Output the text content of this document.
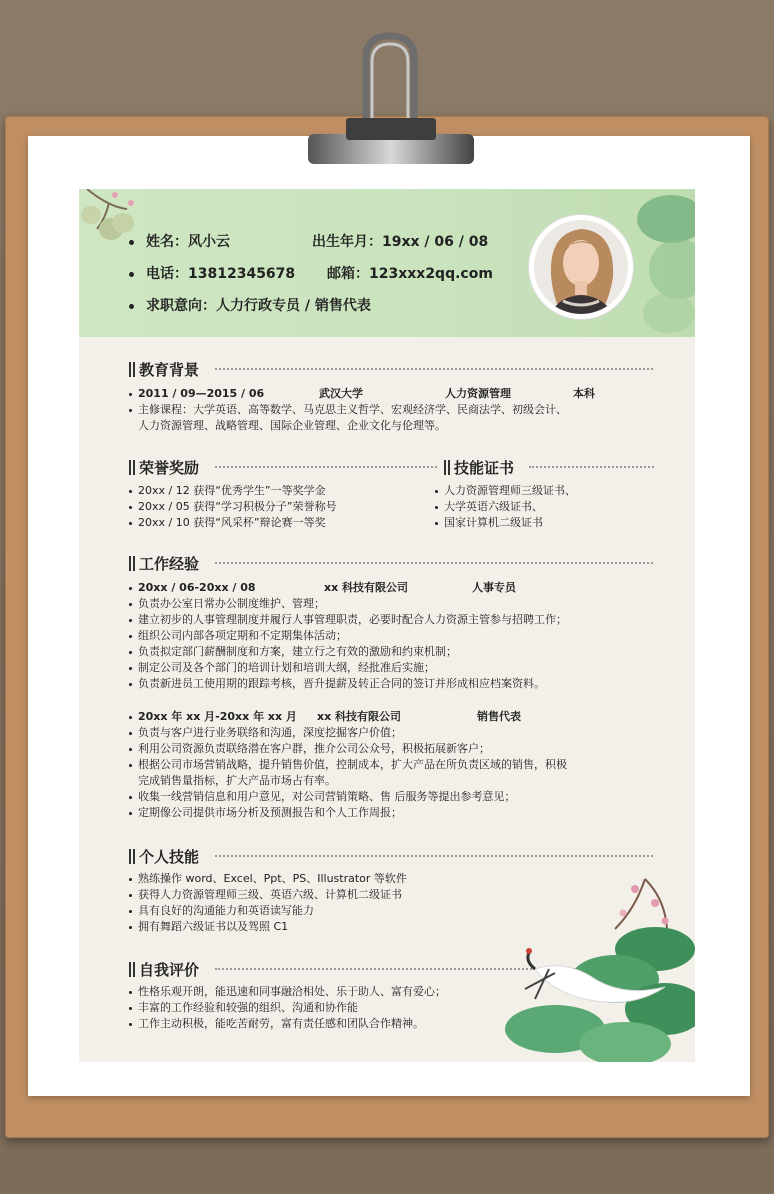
姓名：风小云	出生年月：19xx / 06 / 08
电话：13812345678 邮箱：123xxx2qq.com
求职意向：人力行政专员 / 销售代表
教育背景
2011 / 09—2015 / 06	武汉大学	人力资源管理	本科
主修课程：大学英语、高等数学、马克思主义哲学、宏观经济学、民商法学、初级会计、
人力资源管理、战略管理、国际企业管理、企业文化与伦理等。
荣誉奖励
20xx / 12 获得“优秀学生”一等奖学金
20xx / 05 获得“学习积极分子”荣誉称号
20xx / 10 获得“风采杯”辩论赛一等奖
技能证书
人力资源管理师三级证书、
大学英语六级证书、
国家计算机二级证书
工作经验
20xx / 06-20xx / 08	xx 科技有限公司	人事专员
负责办公室日常办公制度维护、管理；
建立初步的人事管理制度并履行人事管理职责，必要时配合人力资源主管参与招聘工作；
组织公司内部各项定期和不定期集体活动；
负责拟定部门薪酬制度和方案，建立行之有效的激励和约束机制；
制定公司及各个部门的培训计划和培训大纲，经批准后实施；
负责新进员工使用期的跟踪考核，晋升提薪及转正合同的签订并形成相应档案资料。
20xx 年 xx 月-20xx 年 xx 月 xx 科技有限公司	销售代表
负责与客户进行业务联络和沟通，深度挖掘客户价值；
利用公司资源负责联络潜在客户群，推介公司公众号，积极拓展新客户；
根据公司市场营销战略，提升销售价值，控制成本，扩大产品在所负责区域的销售，积极
完成销售量指标，扩大产品市场占有率。
收集一线营销信息和用户意见，对公司营销策略、售 后服务等提出参考意见；
定期像公司提供市场分析及预测报告和个人工作周报；
个人技能
熟练操作 word、Excel、Ppt、PS、Illustrator 等软件
获得人力资源管理师三级、英语六级、计算机二级证书
具有良好的沟通能力和英语读写能力
拥有舞蹈六级证书以及驾照 C1
自我评价
性格乐观开朗，能迅速和同事融洽相处、乐于助人、富有爱心；
丰富的工作经验和较强的组织、沟通和协作能
工作主动积极，能吃苦耐劳，富有责任感和团队合作精神。
